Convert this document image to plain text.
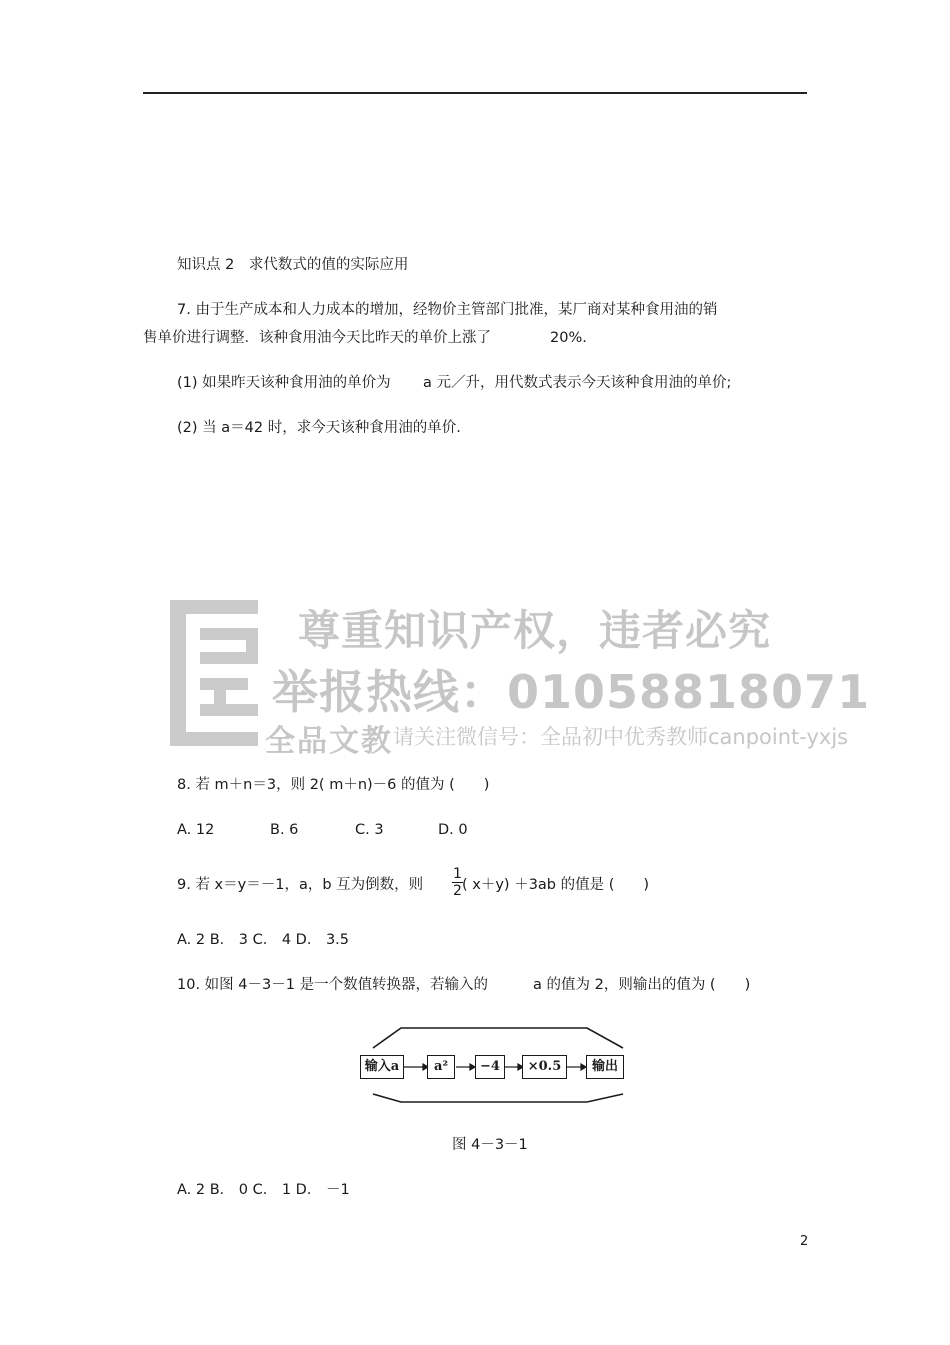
知识点 2　求代数式的值的实际应用
7. 由于生产成本和人力成本的增加，经物价主管部门批准，某厂商对某种食用油的销
售单价进行调整．该种食用油今天比昨天的单价上涨了	20%.
(1) 如果昨天该种食用油的单价为 a 元／升，用代数式表示今天该种食用油的单价;
(2) 当 a＝42 时，求今天该种食用油的单价.
尊重知识产权，违者必究
举报热线：01058818071
全品文教 请关注微信号：全品初中优秀教师canpoint-yxjs
8. 若 m＋n＝3，则 2( m＋n)－6 的值为 (　　)
A. 12	B. 6	C. 3	D. 0
9. 若 x＝y＝－1，a，b 互为倒数，则 $\frac{1}{2}$ ( x＋y) ＋3ab 的值是 (　　)
A. 2 B． 3 C． 4 D． 3.5
10. 如图 4－3－1 是一个数值转换器，若输入的	a 的值为 2，则输出的值为 (　　)
输入a	a²	−4	×0.5	输出
图 4－3－1
A. 2 B． 0 C． 1 D． －1
2
